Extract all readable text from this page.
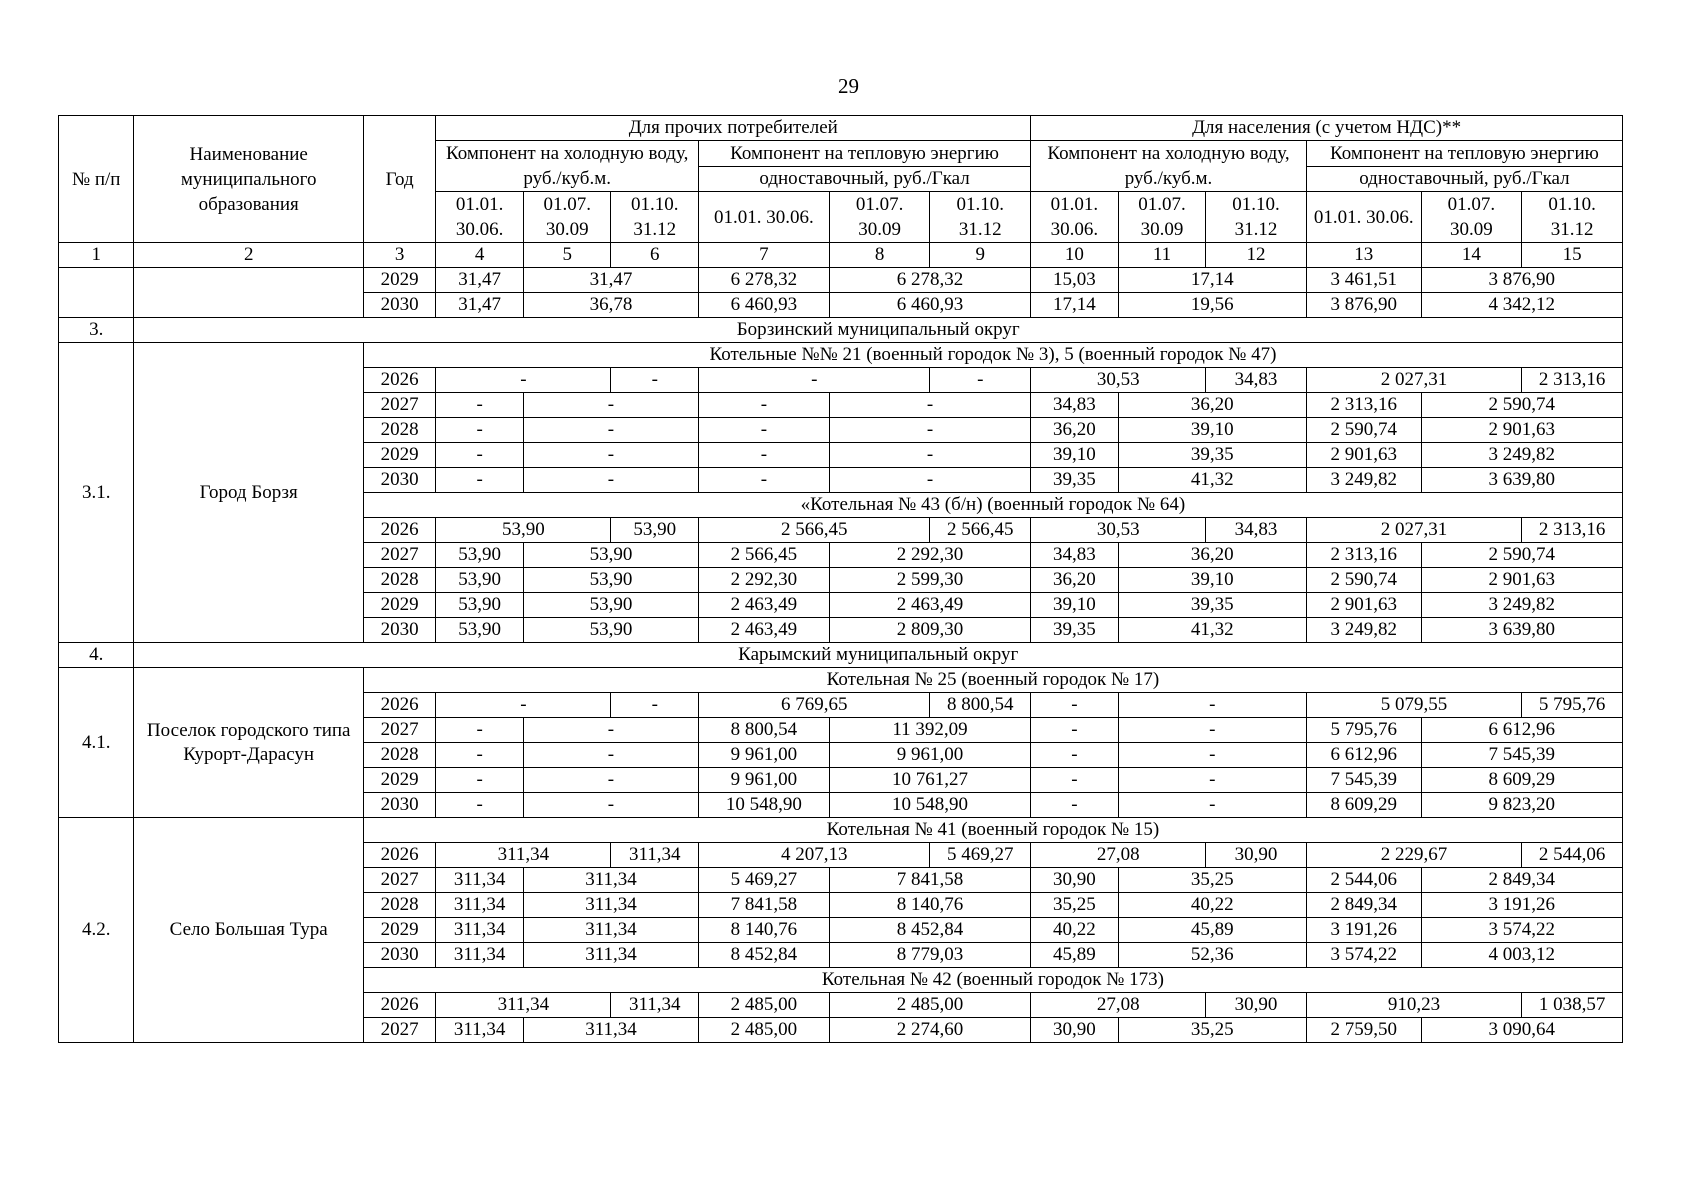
29
№ п/п	Наименование муниципального образования	Год	Для прочих потребителей						Для населения (с учетом НДС)**					
			Компонент на холодную воду, руб./куб.м.			Компонент на тепловую энергию			Компонент на холодную воду, руб./куб.м.			Компонент на тепловую энергию		
						одноставочный, руб./Гкал						одноставочный, руб./Гкал		
			01.01. 30.06.	01.07. 30.09	01.10. 31.12	01.01. 30.06.	01.07. 30.09	01.10. 31.12	01.01. 30.06.	01.07. 30.09	01.10. 31.12	01.01. 30.06.	01.07. 30.09	01.10. 31.12

1	2	3	4	5	6	7	8	9	10	11	12	13	14	15
		2029	31,47	31,47		6 278,32	6 278,32		15,03	17,14		3 461,51	3 876,90	
		2030	31,47	36,78		6 460,93	6 460,93		17,14	19,56		3 876,90	4 342,12	
3.	Борзинский муниципальный округ													
3.1.	Город Борзя	Котельные №№ 21 (военный городок № 3), 5 (военный городок № 47)												
		2026	-		-	-		-	30,53		34,83	2 027,31		2 313,16
		2027	-	-		-	-		34,83	36,20		2 313,16	2 590,74	
		2028	-	-		-	-		36,20	39,10		2 590,74	2 901,63	
		2029	-	-		-	-		39,10	39,35		2 901,63	3 249,82	
		2030	-	-		-	-		39,35	41,32		3 249,82	3 639,80	
		«Котельная № 43 (б/н) (военный городок № 64)												
		2026	53,90		53,90	2 566,45		2 566,45	30,53		34,83	2 027,31		2 313,16
		2027	53,90	53,90		2 566,45	2 292,30		34,83	36,20		2 313,16	2 590,74	
		2028	53,90	53,90		2 292,30	2 599,30		36,20	39,10		2 590,74	2 901,63	
		2029	53,90	53,90		2 463,49	2 463,49		39,10	39,35		2 901,63	3 249,82	
		2030	53,90	53,90		2 463,49	2 809,30		39,35	41,32		3 249,82	3 639,80	
4.	Карымский муниципальный округ													
4.1.	Поселок городского типа Курорт-Дарасун	Котельная № 25 (военный городок № 17)												
		2026	-		-	6 769,65		8 800,54	-	-		5 079,55		5 795,76
		2027	-	-		8 800,54	11 392,09		-	-		5 795,76	6 612,96	
		2028	-	-		9 961,00	9 961,00		-	-		6 612,96	7 545,39	
		2029	-	-		9 961,00	10 761,27		-	-		7 545,39	8 609,29	
		2030	-	-		10 548,90	10 548,90		-	-		8 609,29	9 823,20	
4.2.	Село Большая Тура	Котельная № 41 (военный городок № 15)												
		2026	311,34		311,34	4 207,13		5 469,27	27,08		30,90	2 229,67		2 544,06
		2027	311,34	311,34		5 469,27	7 841,58		30,90	35,25		2 544,06	2 849,34	
		2028	311,34	311,34		7 841,58	8 140,76		35,25	40,22		2 849,34	3 191,26	
		2029	311,34	311,34		8 140,76	8 452,84		40,22	45,89		3 191,26	3 574,22	
		2030	311,34	311,34		8 452,84	8 779,03		45,89	52,36		3 574,22	4 003,12	
		Котельная № 42 (военный городок № 173)												
		2026	311,34		311,34	2 485,00	2 485,00		27,08		30,90	910,23		1 038,57
		2027	311,34	311,34		2 485,00	2 274,60		30,90	35,25		2 759,50	3 090,64	
